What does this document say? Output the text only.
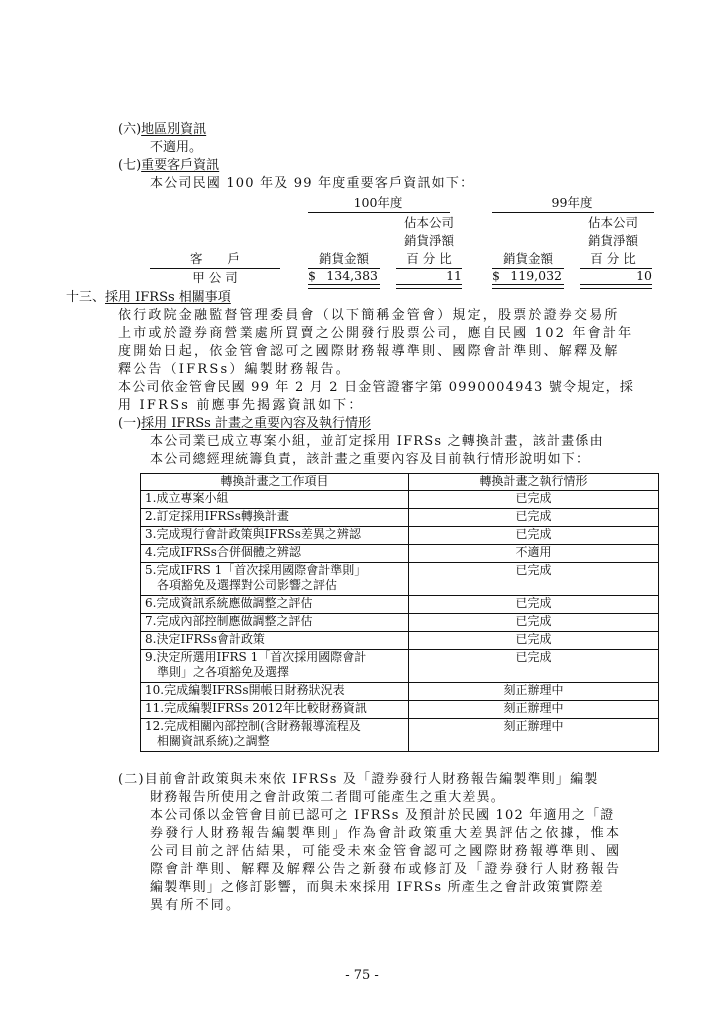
(六)地區別資訊
不適用。
(七)重要客戶資訊
本公司民國 100 年及 99 年度重要客戶資訊如下：
100年度	99年度
佔本公司
銷貨淨額
佔本公司
銷貨淨額
客　　戶	銷貨金額	百 分 比	銷貨金額	百 分 比
甲 公 司	$ 134,383	11 $ 119,032	10
十三、採用 IFRSs 相關事項
依行政院金融監督管理委員會（以下簡稱金管會）規定，股票於證券交易所
上市或於證券商營業處所買賣之公開發行股票公司，應自民國 102 年會計年
度開始日起，依金管會認可之國際財務報導準則、國際會計準則、解釋及解
釋公告（IFRSs）編製財務報告。
本公司依金管會民國 99 年 2 月 2 日金管證審字第 0990004943 號令規定，採
用 IFRSs 前應事先揭露資訊如下：
(一)採用 IFRSs 計畫之重要內容及執行情形
本公司業已成立專案小組，並訂定採用 IFRSs 之轉換計畫，該計畫係由
本公司總經理統籌負責，該計畫之重要內容及目前執行情形說明如下：
轉換計畫之工作項目	轉換計畫之執行情形
1.成立專案小組	已完成
2.訂定採用IFRSs轉換計畫	已完成
3.完成現行會計政策與IFRSs差異之辨認	已完成
4.完成IFRSs合併個體之辨認	不適用

5.完成IFRS 1「首次採用國際會計準則」
　各項豁免及選擇對公司影響之評估	已完成
6.完成資訊系統應做調整之評估	已完成
7.完成內部控制應做調整之評估	已完成
8.決定IFRSs會計政策	已完成

9.決定所選用IFRS 1「首次採用國際會計
　準則」之各項豁免及選擇	已完成
10.完成編製IFRSs開帳日財務狀況表	刻正辦理中
11.完成編製IFRSs 2012年比較財務資訊	刻正辦理中

12.完成相關內部控制(含財務報導流程及
　相關資訊系統)之調整	刻正辦理中
(二)目前會計政策與未來依 IFRSs 及「證券發行人財務報告編製準則」編製
財務報告所使用之會計政策二者間可能產生之重大差異。
本公司係以金管會目前已認可之 IFRSs 及預計於民國 102 年適用之「證
券發行人財務報告編製準則」作為會計政策重大差異評估之依據，惟本
公司目前之評估結果，可能受未來金管會認可之國際財務報導準則、國
際會計準則、解釋及解釋公告之新發布或修訂及「證券發行人財務報告
編製準則」之修訂影響，而與未來採用 IFRSs 所產生之會計政策實際差
異有所不同。
- 75 -
